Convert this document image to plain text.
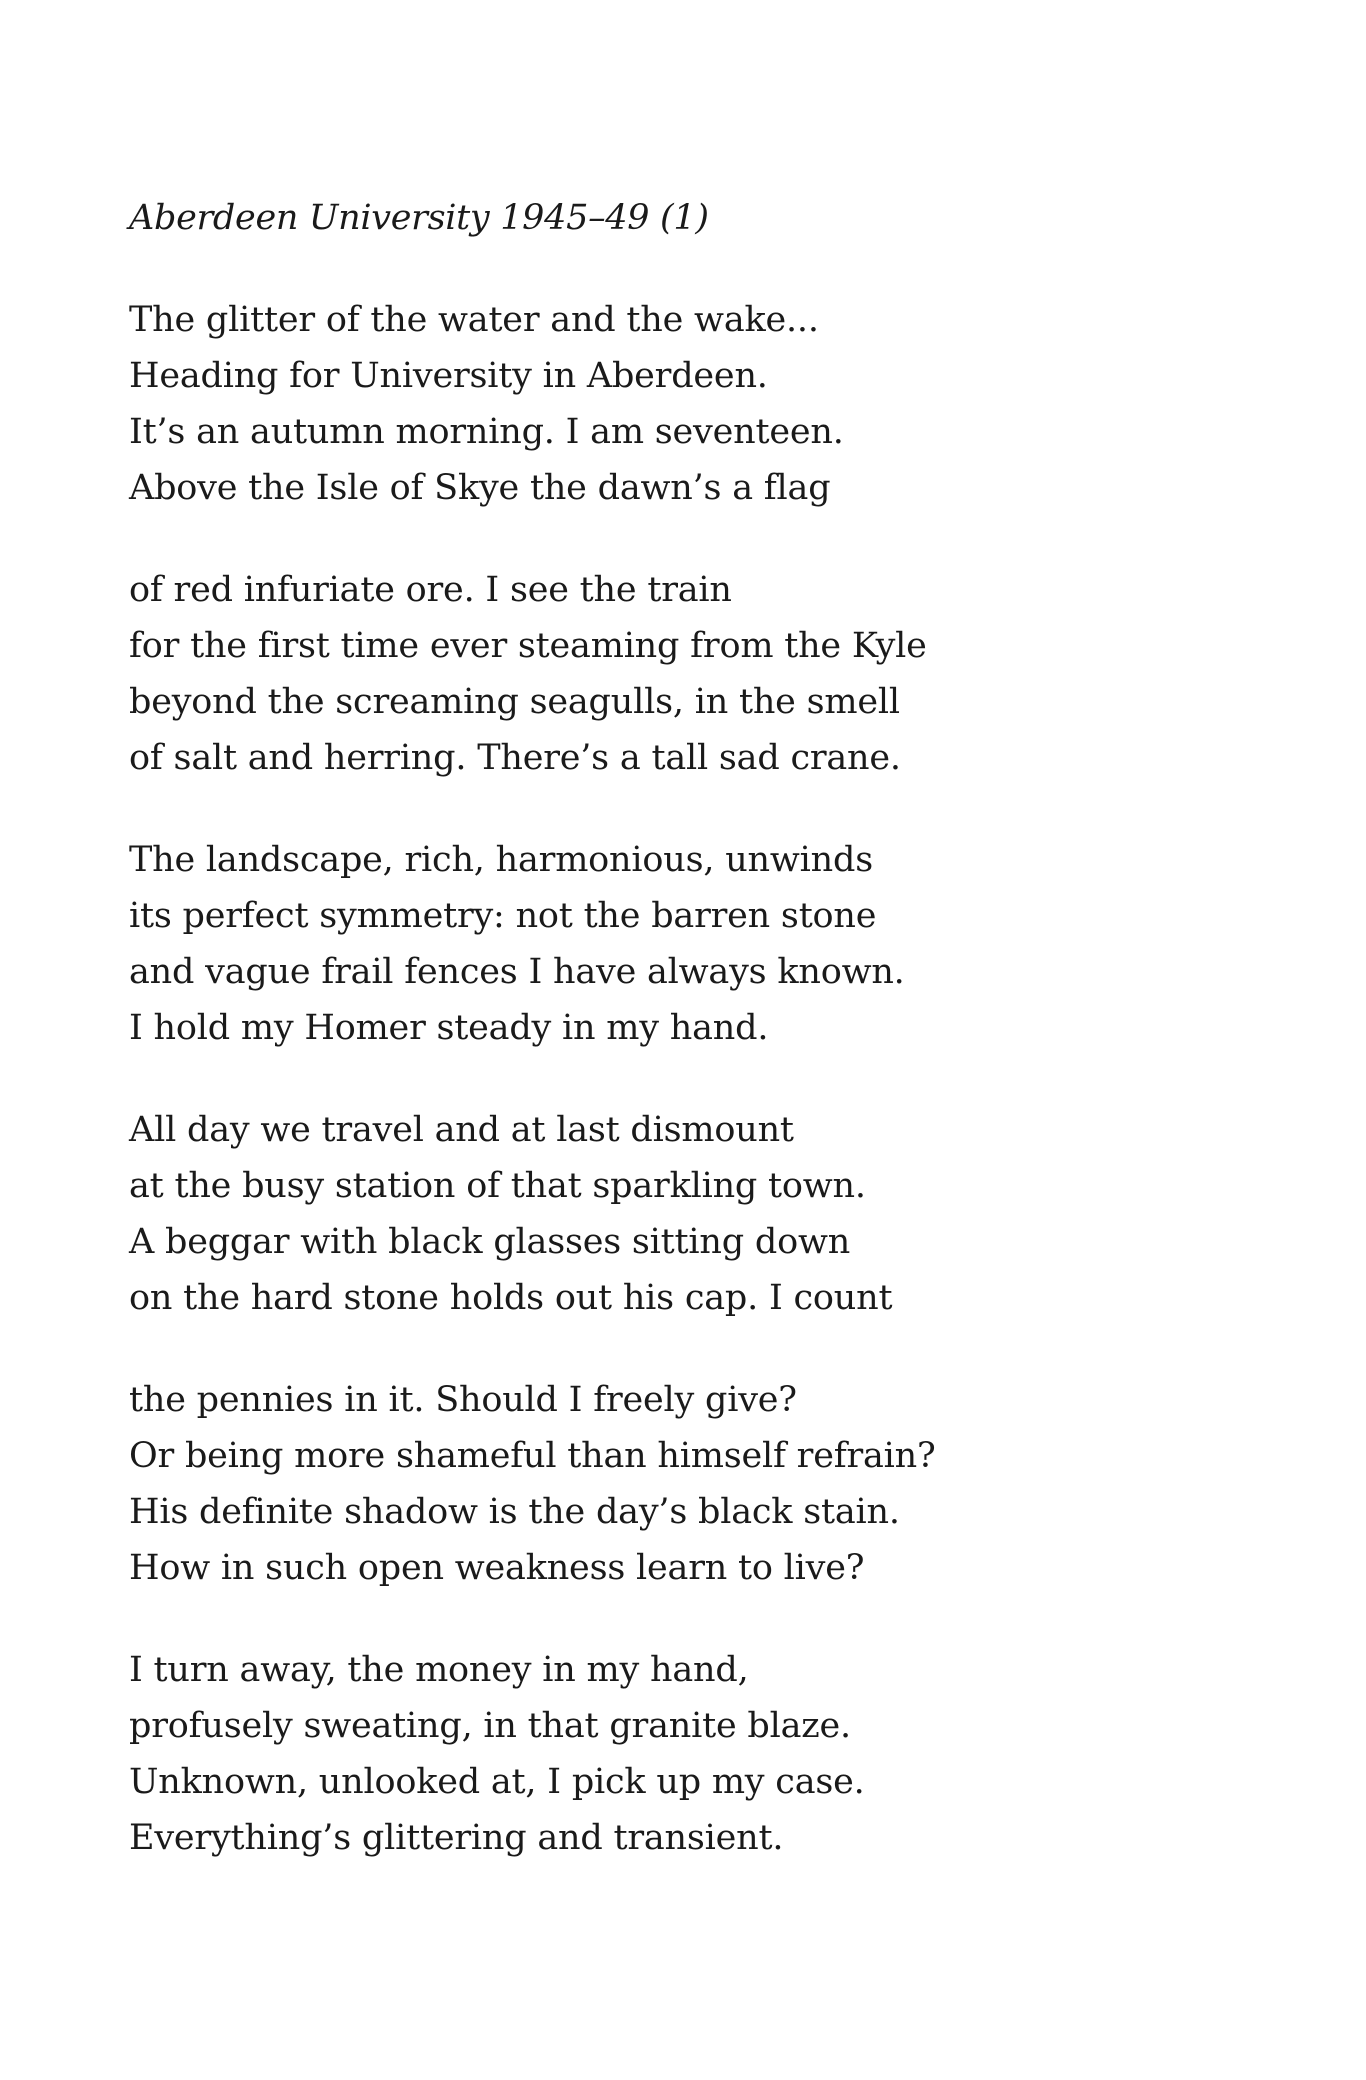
Aberdeen University 1945–49 (1)
The glitter of the water and the wake...
Heading for University in Aberdeen.
It’s an autumn morning. I am seventeen.
Above the Isle of Skye the dawn’s a flag
of red infuriate ore. I see the train
for the first time ever steaming from the Kyle
beyond the screaming seagulls, in the smell
of salt and herring. There’s a tall sad crane.
The landscape, rich, harmonious, unwinds
its perfect symmetry: not the barren stone
and vague frail fences I have always known.
I hold my Homer steady in my hand.
All day we travel and at last dismount
at the busy station of that sparkling town.
A beggar with black glasses sitting down
on the hard stone holds out his cap. I count
the pennies in it. Should I freely give?
Or being more shameful than himself refrain?
His definite shadow is the day’s black stain.
How in such open weakness learn to live?
I turn away, the money in my hand,
profusely sweating, in that granite blaze.
Unknown, unlooked at, I pick up my case.
Everything’s glittering and transient.
